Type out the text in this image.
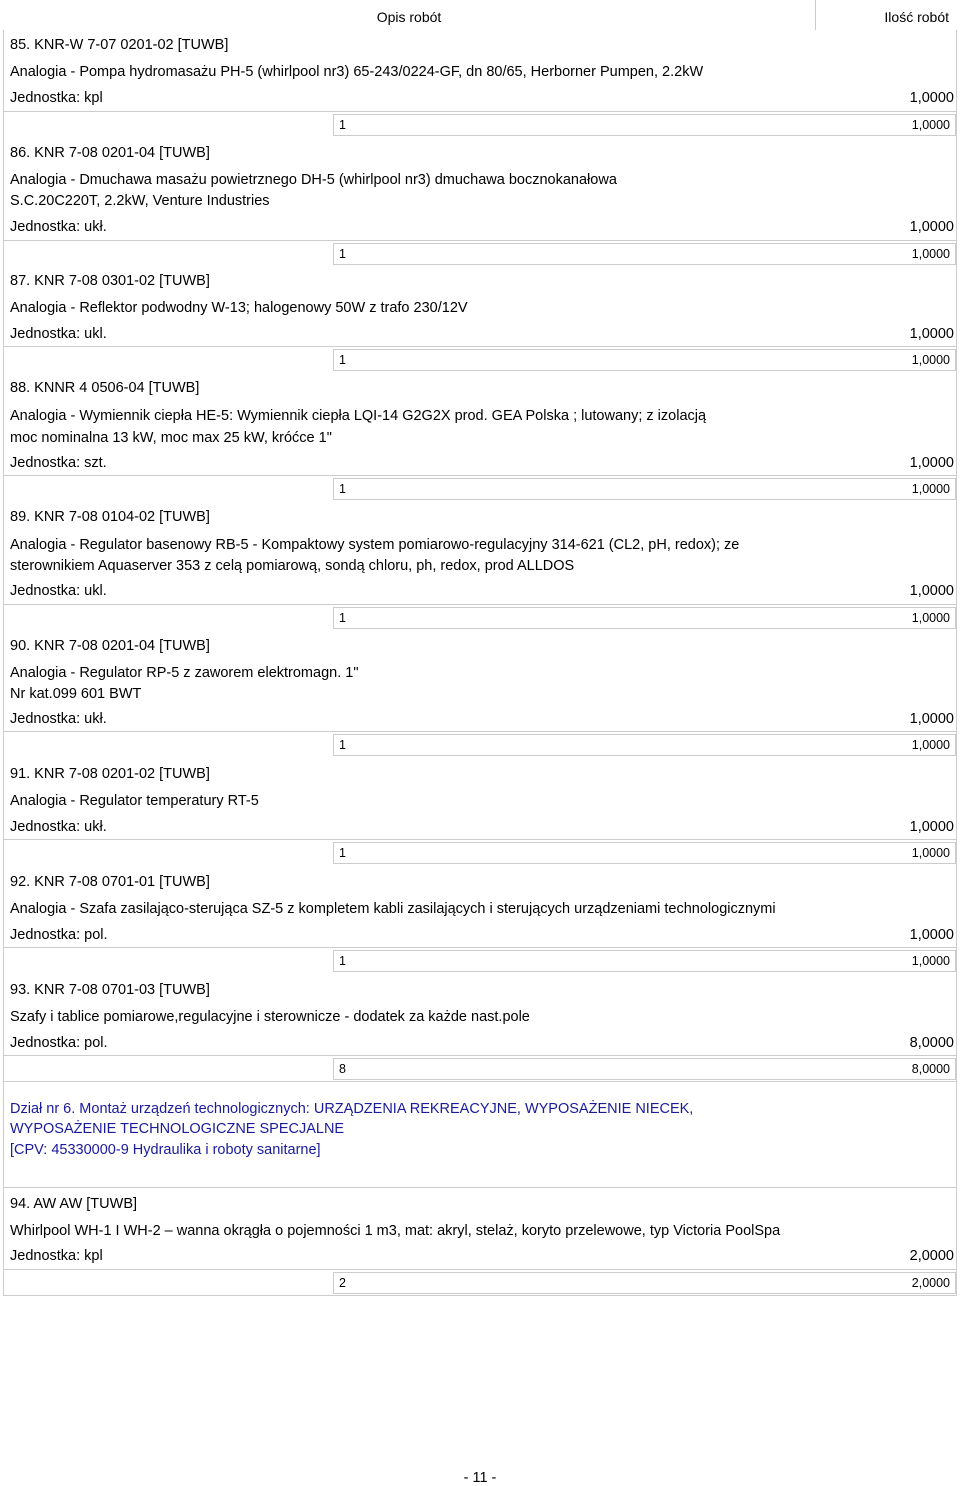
Opis robót	Ilość robót
85. KNR-W 7-07 0201-02 [TUWB]
Analogia - Pompa hydromasażu PH-5 (whirlpool nr3) 65-243/0224-GF, dn 80/65, Herborner Pumpen, 2.2kW
Jednostka: kpl	1,0000
1	1,0000
86. KNR 7-08 0201-04 [TUWB]
Analogia - Dmuchawa masażu powietrznego DH-5 (whirlpool nr3) dmuchawa bocznokanałowa
S.C.20C220T, 2.2kW, Venture Industries
Jednostka: ukł.	1,0000
1	1,0000
87. KNR 7-08 0301-02 [TUWB]
Analogia - Reflektor podwodny W-13; halogenowy 50W z trafo 230/12V
Jednostka: ukl.	1,0000
1	1,0000
88. KNNR 4 0506-04 [TUWB]
Analogia - Wymiennik ciepła HE-5: Wymiennik ciepła LQI-14 G2G2X prod. GEA Polska ; lutowany; z izolacją
moc nominalna 13 kW, moc max 25 kW, króćce 1"
Jednostka: szt.	1,0000
1	1,0000
89. KNR 7-08 0104-02 [TUWB]
Analogia - Regulator basenowy RB-5 - Kompaktowy system pomiarowo-regulacyjny 314-621 (CL2, pH, redox); ze
sterownikiem Aquaserver 353 z celą pomiarową, sondą chloru, ph, redox, prod ALLDOS
Jednostka: ukl.	1,0000
1	1,0000
90. KNR 7-08 0201-04 [TUWB]
Analogia - Regulator RP-5 z zaworem elektromagn. 1"
Nr kat.099 601 BWT
Jednostka: ukł.	1,0000
1	1,0000
91. KNR 7-08 0201-02 [TUWB]
Analogia - Regulator temperatury RT-5
Jednostka: ukł.	1,0000
1	1,0000
92. KNR 7-08 0701-01 [TUWB]
Analogia - Szafa zasilająco-sterująca SZ-5 z kompletem kabli zasilających i sterujących urządzeniami technologicznymi
Jednostka: pol.	1,0000
1	1,0000
93. KNR 7-08 0701-03 [TUWB]
Szafy i tablice pomiarowe,regulacyjne i sterownicze - dodatek za każde nast.pole
Jednostka: pol.	8,0000
8	8,0000
Dział nr 6. Montaż urządzeń technologicznych: URZĄDZENIA REKREACYJNE, WYPOSAŻENIE NIECEK,
WYPOSAŻENIE TECHNOLOGICZNE SPECJALNE
[CPV: 45330000-9 Hydraulika i roboty sanitarne]
94. AW AW [TUWB]
Whirlpool WH-1 I WH-2 – wanna okrągła o pojemności 1 m3, mat: akryl, stelaż, koryto przelewowe, typ Victoria PoolSpa
Jednostka: kpl	2,0000
2	2,0000
- 11 -
